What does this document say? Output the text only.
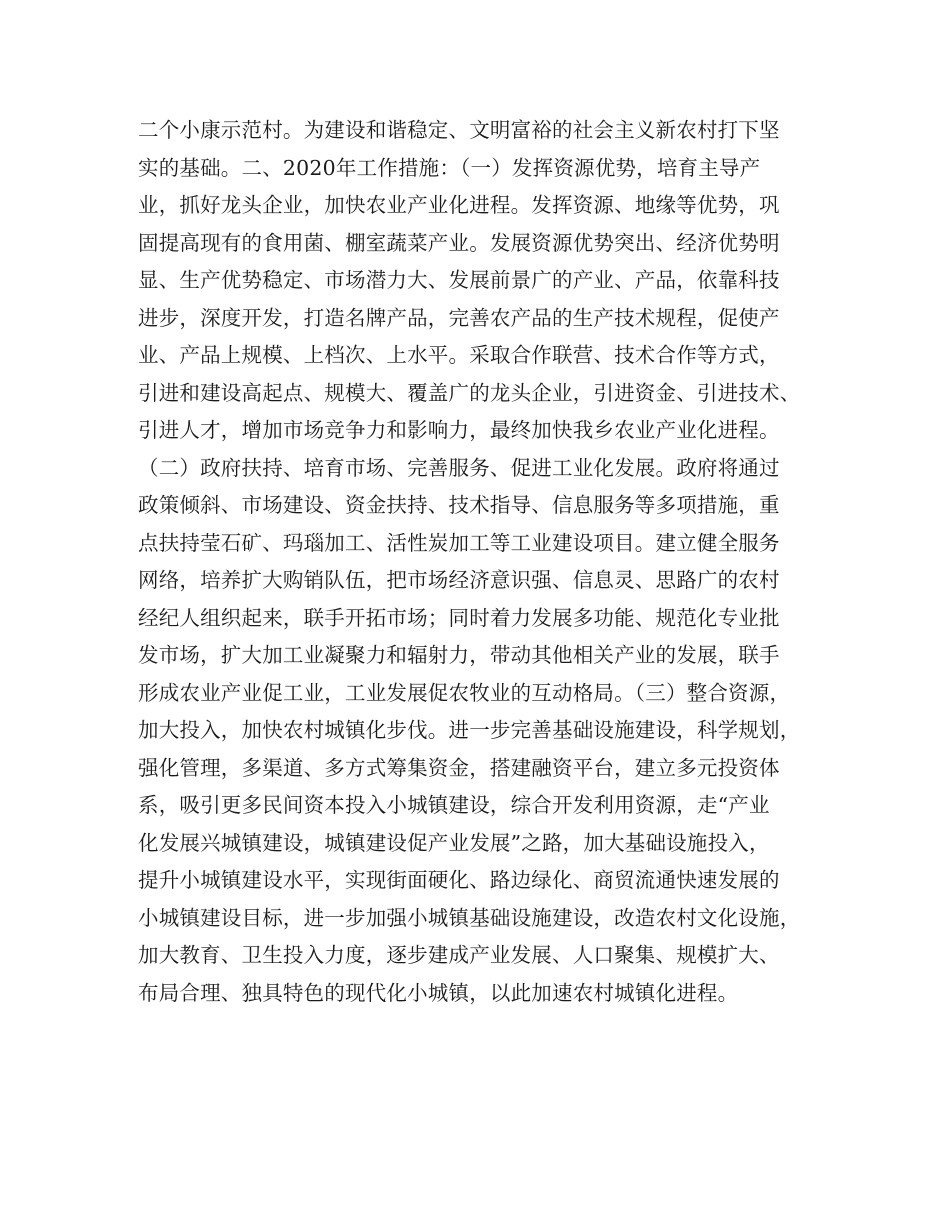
二个小康示范村。为建设和谐稳定、文明富裕的社会主义新农村打下坚
实的基础。二、2020年工作措施：（一）发挥资源优势，培育主导产
业，抓好龙头企业，加快农业产业化进程。发挥资源、地缘等优势，巩
固提高现有的食用菌、棚室蔬菜产业。发展资源优势突出、经济优势明
显、生产优势稳定、市场潜力大、发展前景广的产业、产品，依靠科技
进步，深度开发，打造名牌产品，完善农产品的生产技术规程，促使产
业、产品上规模、上档次、上水平。采取合作联营、技术合作等方式，
引进和建设高起点、规模大、覆盖广的龙头企业，引进资金、引进技术、
引进人才，增加市场竞争力和影响力，最终加快我乡农业产业化进程。
（二）政府扶持、培育市场、完善服务、促进工业化发展。政府将通过
政策倾斜、市场建设、资金扶持、技术指导、信息服务等多项措施，重
点扶持莹石矿、玛瑙加工、活性炭加工等工业建设项目。建立健全服务
网络，培养扩大购销队伍，把市场经济意识强、信息灵、思路广的农村
经纪人组织起来，联手开拓市场；同时着力发展多功能、规范化专业批
发市场，扩大加工业凝聚力和辐射力，带动其他相关产业的发展，联手
形成农业产业促工业，工业发展促农牧业的互动格局。（三）整合资源，
加大投入，加快农村城镇化步伐。进一步完善基础设施建设，科学规划，
强化管理，多渠道、多方式筹集资金，搭建融资平台，建立多元投资体
系，吸引更多民间资本投入小城镇建设，综合开发利用资源，走“产业
化发展兴城镇建设，城镇建设促产业发展”之路，加大基础设施投入，
提升小城镇建设水平，实现街面硬化、路边绿化、商贸流通快速发展的
小城镇建设目标，进一步加强小城镇基础设施建设，改造农村文化设施，
加大教育、卫生投入力度，逐步建成产业发展、人口聚集、规模扩大、
布局合理、独具特色的现代化小城镇，以此加速农村城镇化进程。
